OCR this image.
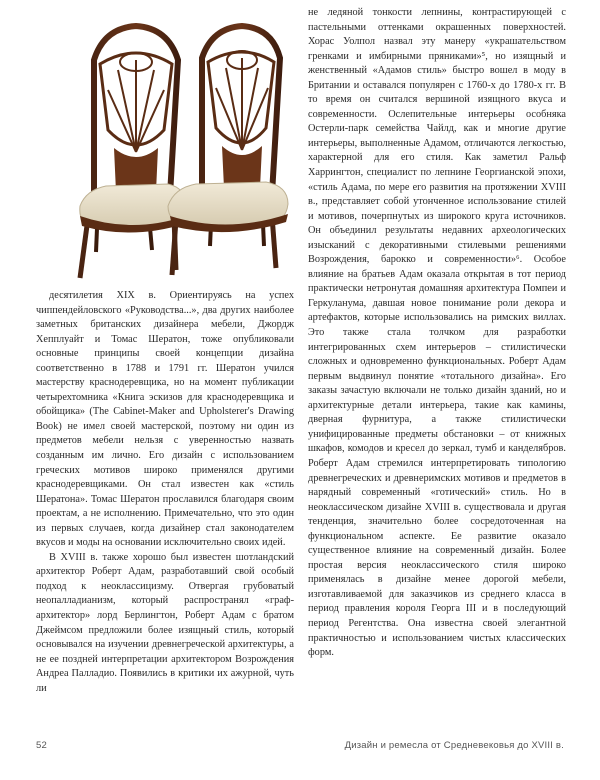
десятилетия XIX в. Ориентируясь на успех чиппендейловского «Руководства...», два других наиболее заметных британских дизайнера мебели, Джордж Хепплуайт и Томас Шератон, тоже опубликовали основные принципы своей концепции дизайна соответственно в 1788 и 1791 гг. Шератон учился мастерству краснодеревщика, но на момент публикации четырехтомника «Книга эскизов для краснодеревщика и обойщика» (The Cabinet-Maker and Upholsterer's Drawing Book) не имел своей мастерской, поэтому ни один из предметов мебели нельзя с уверенностью назвать созданным им лично. Его дизайн с использованием греческих мотивов широко применялся другими краснодеревщиками. Он стал известен как «стиль Шератона». Томас Шератон прославился благодаря своим проектам, а не исполнению. Примечательно, что это один из первых случаев, когда дизайнер стал законодателем вкусов и моды на основании исключительно своих идей.

В XVIII в. также хорошо был известен шотландский архитектор Роберт Адам, разработавший свой особый подход к неоклассицизму. Отвергая грубоватый неопалладианизм, который распространял «граф-архитектор» лорд Берлингтон, Роберт Адам с братом Джеймсом предложили более изящный стиль, который основывался на изучении древнегреческой архитектуры, а не ее поздней интерпретации архитектором Возрождения Андреа Палладио. Появились в критики их ажурной, чуть ли

не ледяной тонкости лепнины, контрастирующей с пастельными оттенками окрашенных поверхностей. Хорас Уолпол назвал эту манеру «украшательством гренками и имбирными пряниками»⁵, но изящный и женственный «Адамов стиль» быстро вошел в моду в Британии и оставался популярен с 1760-х до 1780-х гг. В то время он считался вершиной изящного вкуса и современности. Ослепительные интерьеры особняка Остерли-парк семейства Чайлд, как и многие другие интерьеры, выполненные Адамом, отличаются легкостью, характерной для его стиля. Как заметил Ральф Харрингтон, специалист по лепнине Георгианской эпохи, «стиль Адама, по мере его развития на протяжении XVIII в., представляет собой утонченное использование стилей и мотивов, почерпнутых из широкого круга источников. Он объединил результаты недавних археологических изысканий с декоративными стилевыми решениями Возрождения, барокко и современности»⁶. Особое влияние на братьев Адам оказала открытая в тот период практически нетронутая домашняя архитектура Помпеи и Геркуланума, давшая новое понимание роли декора и артефактов, которые использовались на римских виллах. Это также стала толчком для разработки интегрированных схем интерьеров – стилистически сложных и одновременно функциональных. Роберт Адам первым выдвинул понятие «тотального дизайна». Его заказы зачастую включали не только дизайн зданий, но и архитектурные детали интерьера, такие как камины, дверная фурнитура, а также стилистически унифицированные предметы обстановки – от книжных шкафов, комодов и кресел до зеркал, тумб и канделябров. Роберт Адам стремился интерпретировать типологию древнегреческих и древнеримских мотивов и предметов в нарядный современный «готический» стиль. Но в неоклассическом дизайне XVIII в. существовала и другая тенденция, значительно более сосредоточенная на функциональном аспекте. Ее развитие оказало существенное влияние на современный дизайн. Более простая версия неоклассического стиля широко применялась в дизайне менее дорогой мебели, изготавливаемой для заказчиков из среднего класса в период правления короля Георга III и в последующий период Регентства. Она известна своей элегантной практичностью и использованием чистых классических форм.

52	Дизайн и ремесла от Средневековья до XVIII в.
